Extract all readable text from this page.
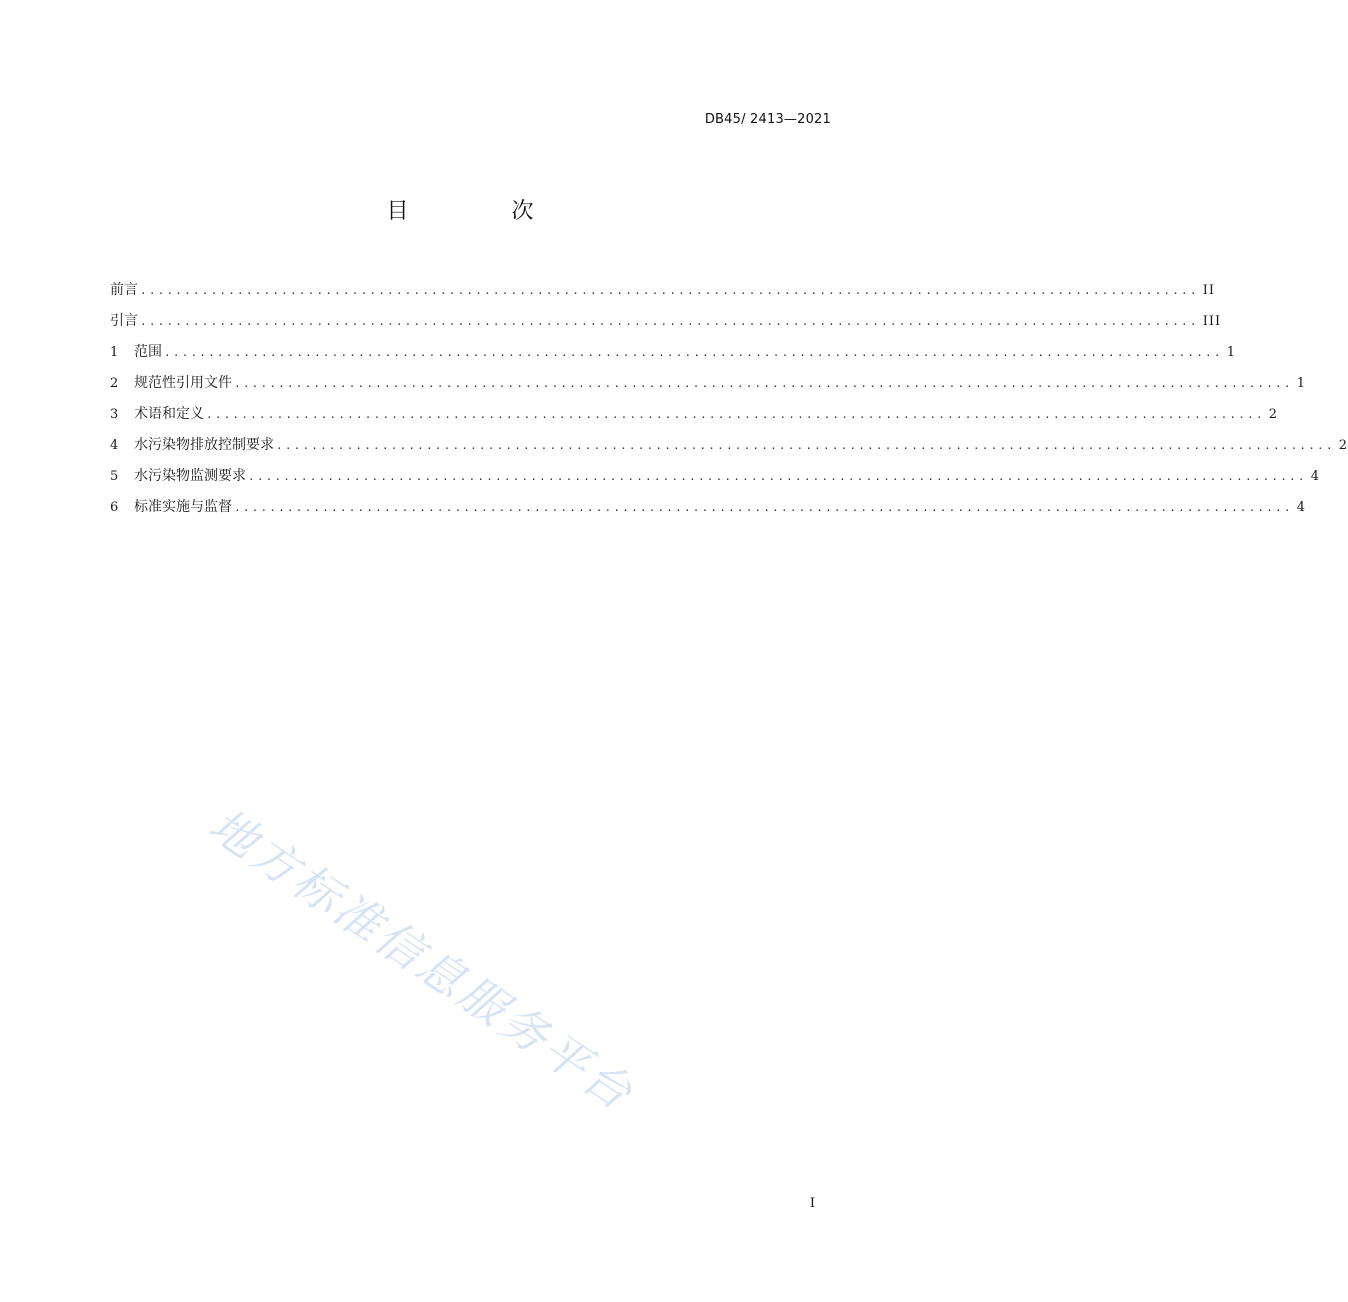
DB45/ 2413—2021
目 次
前言 ........................................................................................................................ II
引言 ........................................................................................................................ III
1	范围 ........................................................................................................................ 1
2	规范性引用文件 ........................................................................................................................ 1
3	术语和定义 ........................................................................................................................ 2
4	水污染物排放控制要求 ........................................................................................................................ 2
5	水污染物监测要求 ........................................................................................................................ 4
6	标准实施与监督 ........................................................................................................................ 4
地方标准信息服务平台
I
